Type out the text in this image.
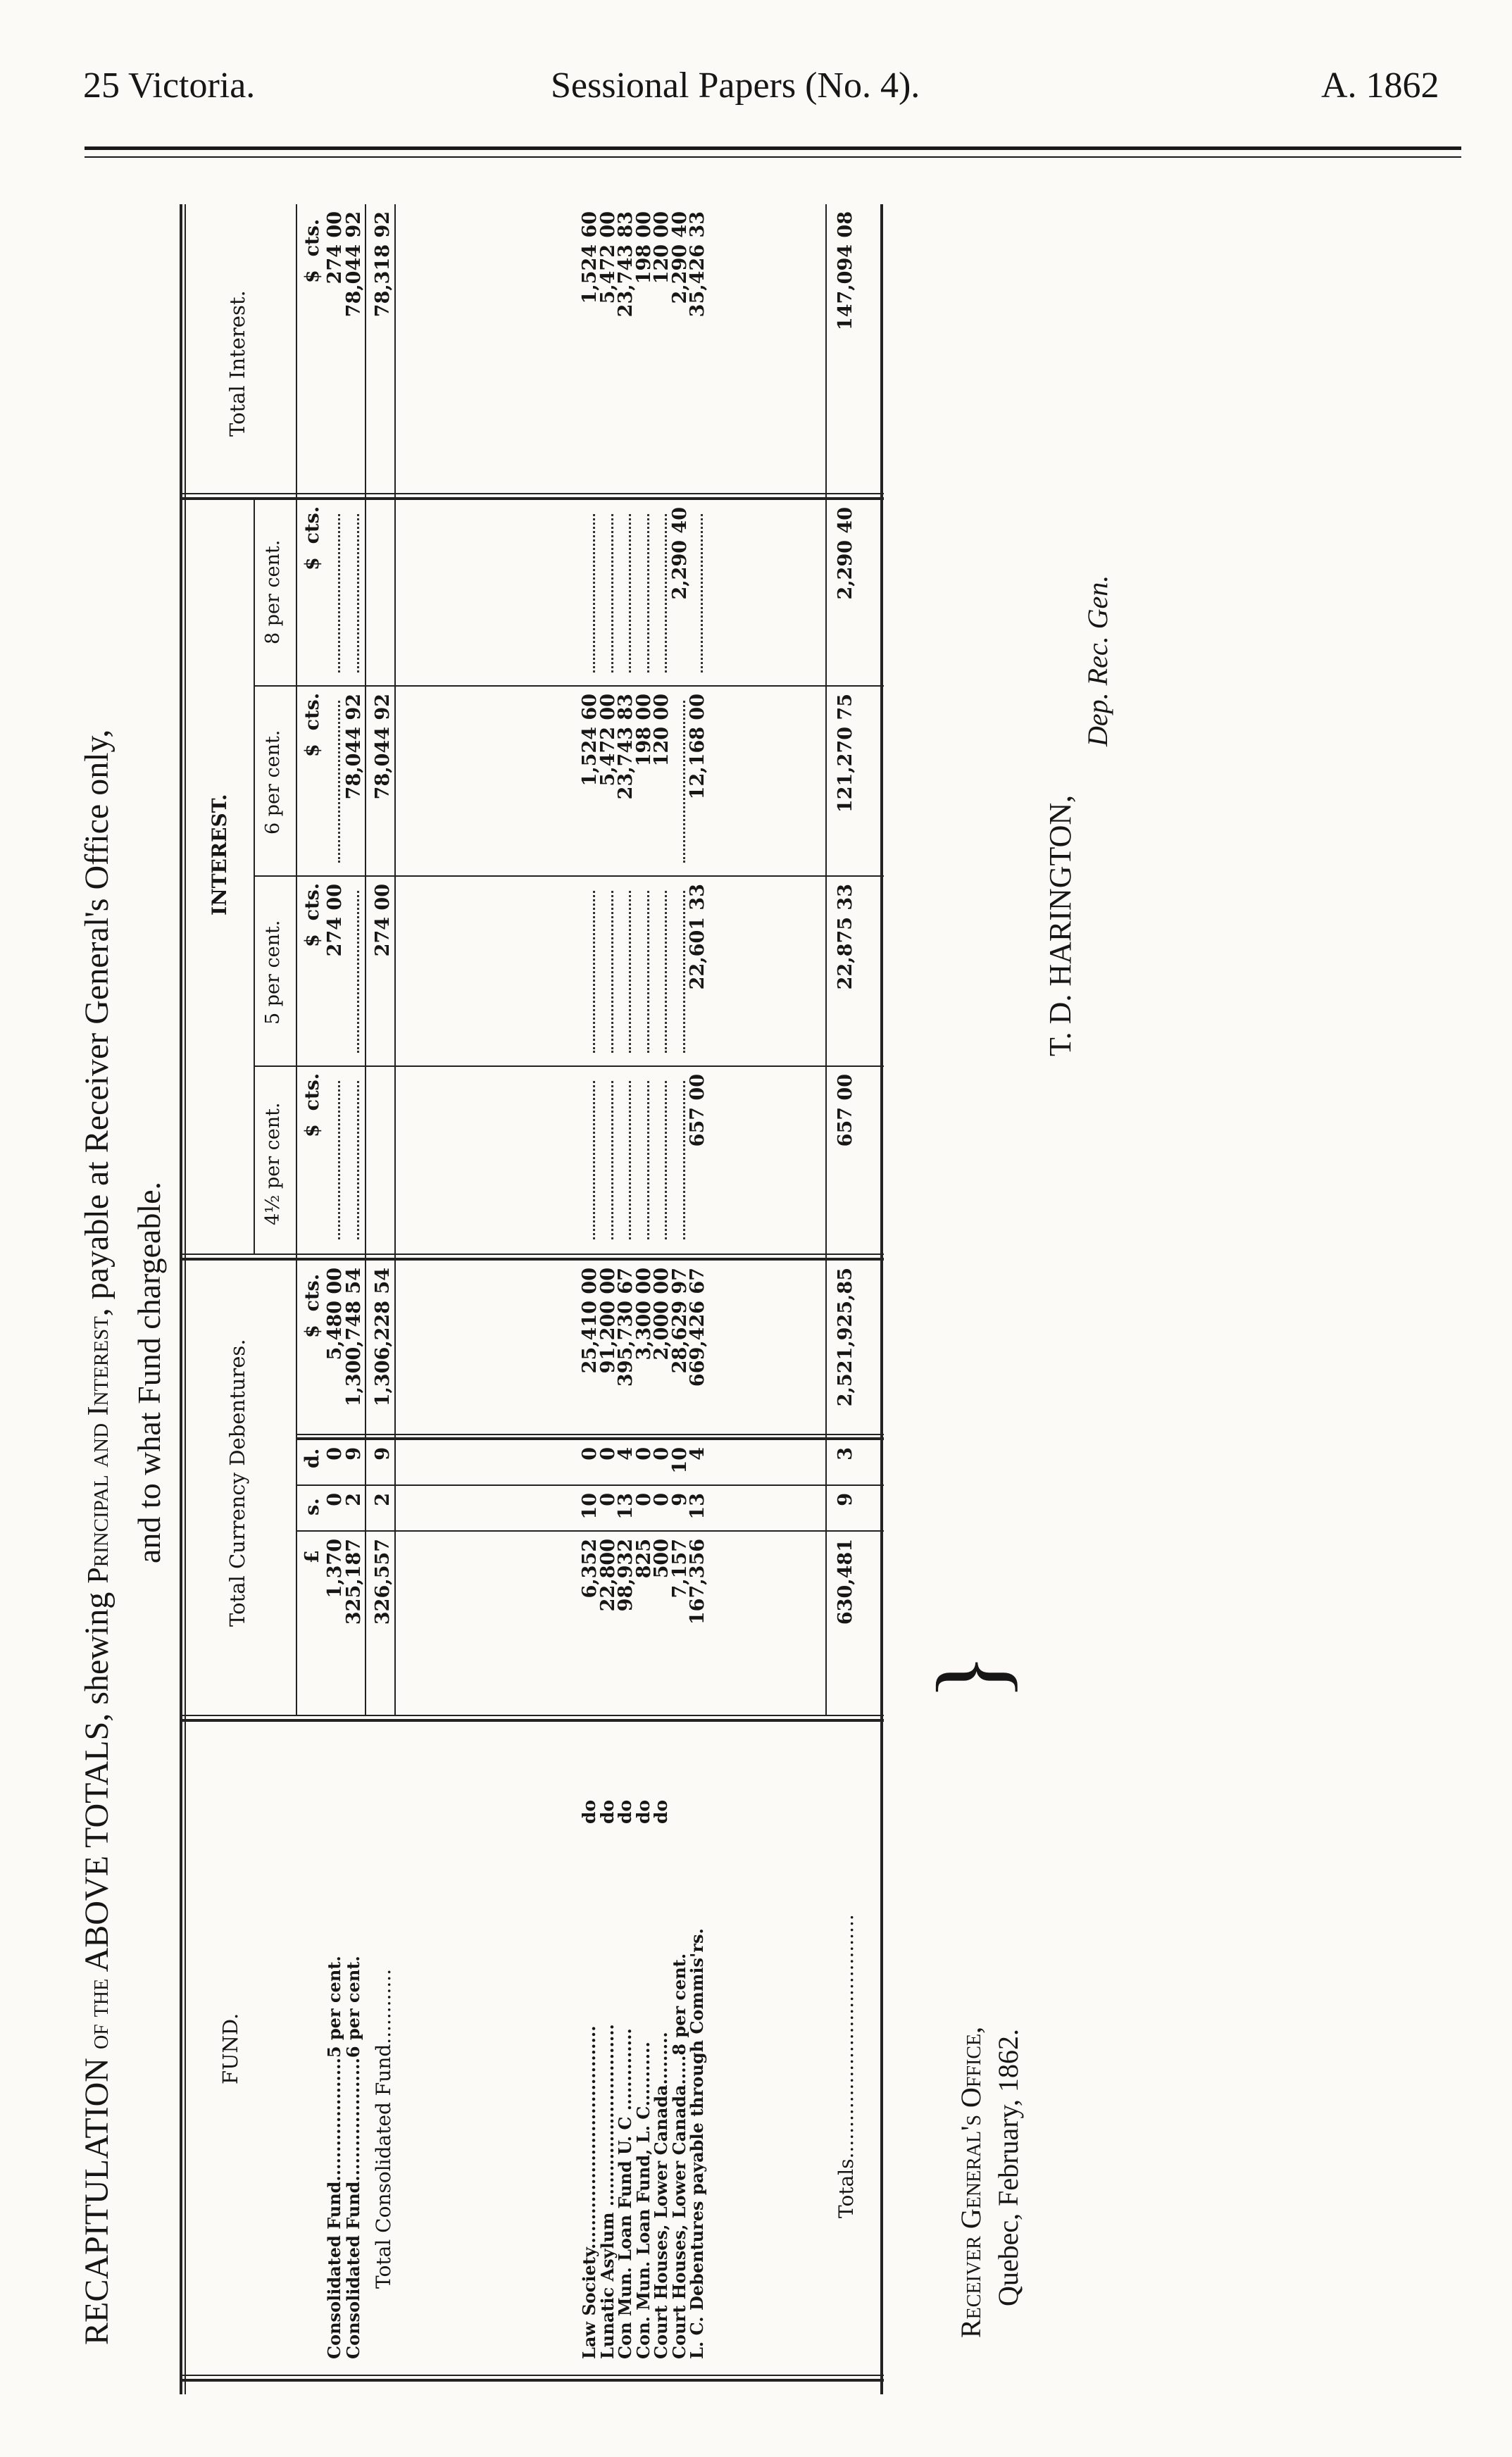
25 Victoria.	Sessional Papers (No. 4).	A. 1862
RECAPITULATION of the ABOVE TOTALS, shewing Principal and Interest, payable at Receiver General's Office only,
and to what Fund chargeable.
FUND.
Total Currency Debentures.
INTEREST.
Total Interest.
4½ per cent.
5 per cent.
6 per cent.
8 per cent.
£
s.
d.
$  cts.
$  cts.
$  cts.
$  cts.
$  cts.
$  cts.
Consolidated Fund.....................5 per cent.
1,370
0
0
5,480 00
274 00
274 00
Consolidated Fund.....................6 per cent.
325,187
2
9
1,300,748 54
78,044 92
78,044 92
Total Consolidated Fund............
326,557
2
9
1,306,228 54
274 00
78,044 92
78,318 92
Law Society......................................
do
6,352
10
0
25,410 00
1,524 60
1,524 60
Lunatic Asylum ...............................
do
22,800
0
0
91,200 00
5,472 00
5,472 00
Con Mun. Loan Fund U. C ..............
do
98,932
13
4
395,730 67
23,743 83
23,743 83
Con. Mun. Loan Fund, L. C...........
do
825
0
0
3,300 00
198 00
198 00
Court Houses, Lower Canada.........
do
500
0
0
2,000 00
120 00
120 00
Court Houses, Lower Canada.....8 per cent.
7,157
9
10
28,629 97
2,290 40
2,290 40
L. C. Debentures payable through Commis'rs.
167,356
13
4
669,426 67
657 00
22,601 33
12,168 00
35,426 33
Totals.......................................
630,481
9
3
2,521,925,85
657 00
22,875 33
121,270 75
2,290 40
147,094 08
Receiver General's Office, Quebec, February, 1862.
}
T. D. HARINGTON,
Dep. Rec. Gen.
